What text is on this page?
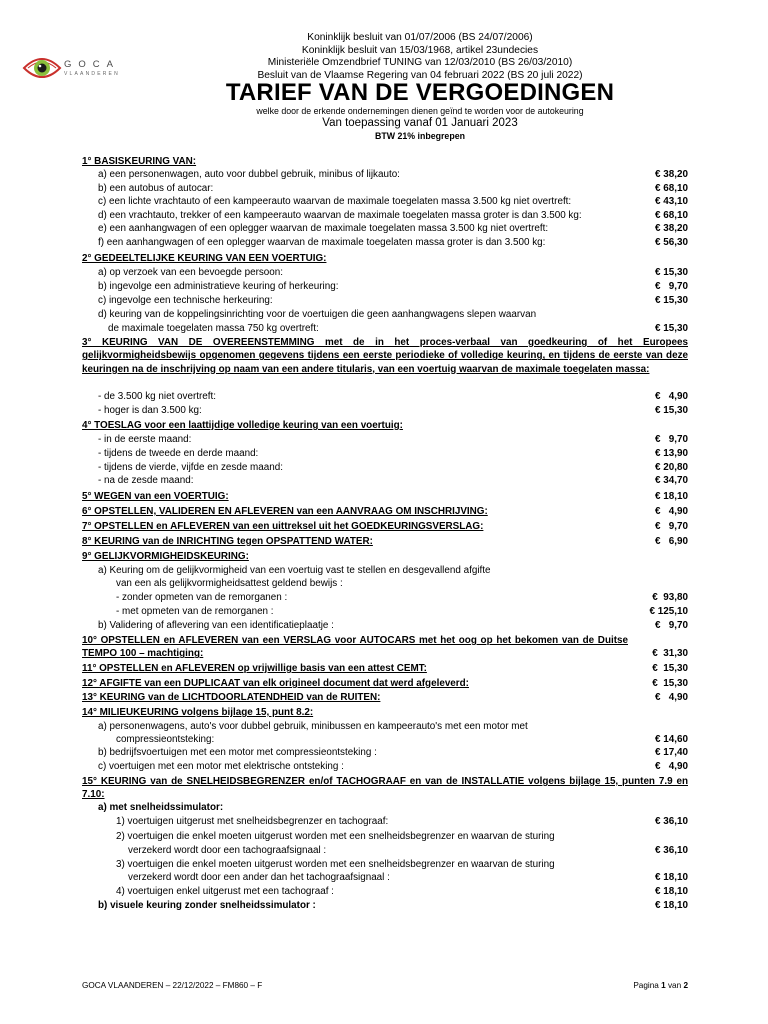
GOCA
VLAANDEREN
Koninklijk besluit van 01/07/2006 (BS 24/07/2006)
Koninklijk besluit van 15/03/1968, artikel 23undecies
Ministeriële Omzendbrief TUNING van 12/03/2010 (BS 26/03/2010)
Besluit van de Vlaamse Regering van 04 februari 2022 (BS 20 juli 2022)
TARIEF VAN DE VERGOEDINGEN
welke door de erkende ondernemingen dienen geïnd te worden voor de autokeuring
Van toepassing vanaf 01 Januari 2023
BTW 21% inbegrepen
1° BASISKEURING VAN:
a) een personenwagen, auto voor dubbel gebruik, minibus of lijkauto:	€ 38,20
b) een autobus of autocar:	€ 68,10
c) een lichte vrachtauto of een kampeerauto waarvan de maximale toegelaten massa 3.500 kg niet overtreft:	€ 43,10
d) een vrachtauto, trekker of een kampeerauto waarvan de maximale toegelaten massa groter is dan 3.500 kg:	€ 68,10
e) een aanhangwagen of een oplegger waarvan de maximale toegelaten massa 3.500 kg niet overtreft:	€ 38,20
f) een aanhangwagen of een oplegger waarvan de maximale toegelaten massa groter is dan 3.500 kg:	€ 56,30
2° GEDEELTELIJKE KEURING VAN EEN VOERTUIG:
a) op verzoek van een bevoegde persoon:	€ 15,30
b) ingevolge een administratieve keuring of herkeuring:	€   9,70
c) ingevolge een technische herkeuring:	€ 15,30
d) keuring van de koppelingsinrichting voor de voertuigen die geen aanhangwagens slepen waarvan
de maximale toegelaten massa 750 kg overtreft:	€ 15,30
3° KEURING VAN DE OVEREENSTEMMING met de in het proces-verbaal van goedkeuring of het Europees gelijkvormigheidsbewijs opgenomen gegevens tijdens een eerste periodieke of volledige keuring, en tijdens de eerste van deze keuringen na de inschrijving op naam van een andere titularis, van een voertuig waarvan de maximale toegelaten massa:
- de 3.500 kg niet overtreft:	€   4,90
- hoger is dan 3.500 kg:	€ 15,30
4° TOESLAG voor een laattijdige volledige keuring van een voertuig:
- in de eerste maand:	€   9,70
- tijdens de tweede en derde maand:	€ 13,90
- tijdens de vierde, vijfde en zesde maand:	€ 20,80
- na de zesde maand:	€ 34,70
5° WEGEN van een VOERTUIG:	€ 18,10
6° OPSTELLEN, VALIDEREN EN AFLEVEREN van een AANVRAAG OM INSCHRIJVING:	€   4,90
7° OPSTELLEN en AFLEVEREN van een uittreksel uit het GOEDKEURINGSVERSLAG:	€   9,70
8° KEURING van de INRICHTING tegen OPSPATTEND WATER:	€   6,90
9° GELIJKVORMIGHEIDSKEURING:
a) Keuring om de gelijkvormigheid van een voertuig vast te stellen en desgevallend afgifte
van een als gelijkvormigheidsattest geldend bewijs :
- zonder opmeten van de remorganen :	€  93,80
- met opmeten van de remorganen :	€ 125,10
b) Validering of aflevering van een identificatieplaatje :	€   9,70
10° OPSTELLEN en AFLEVEREN van een VERSLAG voor AUTOCARS met het oog op het bekomen van de Duitse TEMPO 100 – machtiging:	€  31,30
11° OPSTELLEN en AFLEVEREN op vrijwillige basis van een attest CEMT:	€  15,30
12° AFGIFTE van een DUPLICAAT van elk origineel document dat werd afgeleverd:	€  15,30
13° KEURING van de LICHTDOORLATENDHEID van de RUITEN:	€   4,90
14° MILIEUKEURING volgens bijlage 15, punt 8.2:
a) personenwagens, auto's voor dubbel gebruik, minibussen en kampeerauto's met een motor met
compressieontsteking:	€ 14,60
b) bedrijfsvoertuigen met een motor met compressieontsteking :	€ 17,40
c) voertuigen met een motor met elektrische ontsteking :	€   4,90
15° KEURING van de SNELHEIDSBEGRENZER en/of TACHOGRAAF en van de INSTALLATIE volgens bijlage 15, punten 7.9 en 7.10:
a) met snelheidssimulator:
1) voertuigen uitgerust met snelheidsbegrenzer en tachograaf:	€ 36,10
2) voertuigen die enkel moeten uitgerust worden met een snelheidsbegrenzer en waarvan de sturing
verzekerd wordt door een tachograafsignaal :	€ 36,10
3) voertuigen die enkel moeten uitgerust worden met een snelheidsbegrenzer en waarvan de sturing
verzekerd wordt door een ander dan het tachograafsignaal :	€ 18,10
4) voertuigen enkel uitgerust met een tachograaf :	€ 18,10
b) visuele keuring zonder snelheidssimulator :	€ 18,10
GOCA VLAANDEREN – 22/12/2022 – FM860 – F	Pagina 1 van 2
